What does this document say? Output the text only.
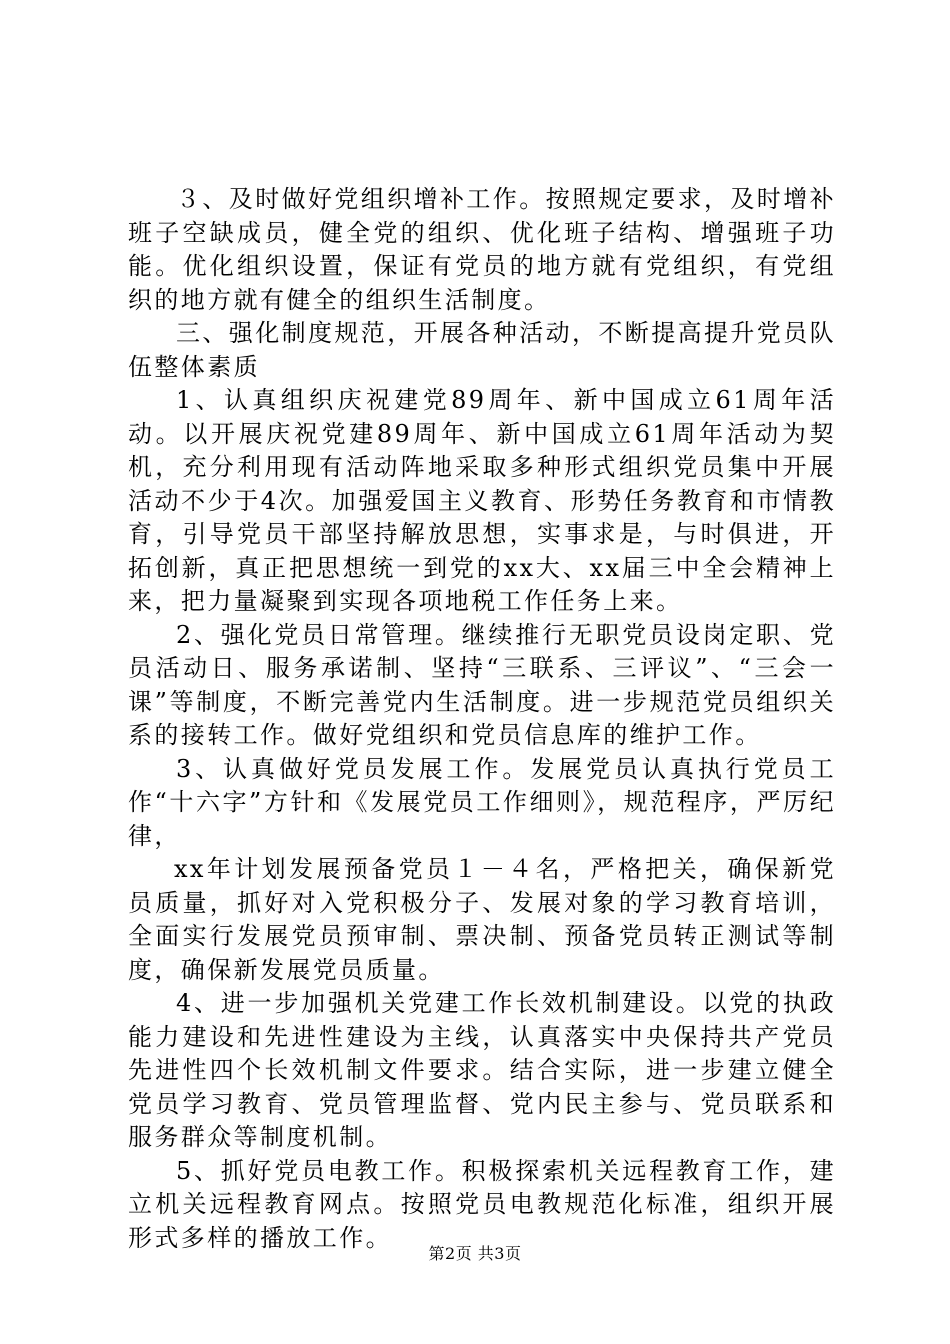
３、及时做好党组织增补工作。按照规定要求，及时增补班子空缺成员，健全党的组织、优化班子结构、增强班子功能。优化组织设置，保证有党员的地方就有党组织，有党组织的地方就有健全的组织生活制度。

三、强化制度规范，开展各种活动，不断提高提升党员队伍整体素质

1、认真组织庆祝建党89周年、新中国成立61周年活动。以开展庆祝党建89周年、新中国成立61周年活动为契机，充分利用现有活动阵地采取多种形式组织党员集中开展活动不少于4次。加强爱国主义教育、形势任务教育和市情教育，引导党员干部坚持解放思想，实事求是，与时俱进，开拓创新，真正把思想统一到党的xx大、xx届三中全会精神上来，把力量凝聚到实现各项地税工作任务上来。

2、强化党员日常管理。继续推行无职党员设岗定职、党员活动日、服务承诺制、坚持“三联系、三评议”、“三会一课”等制度，不断完善党内生活制度。进一步规范党员组织关系的接转工作。做好党组织和党员信息库的维护工作。

3、认真做好党员发展工作。发展党员认真执行党员工作“十六字”方针和《发展党员工作细则》，规范程序，严厉纪律，

xx年计划发展预备党员１－４名，严格把关，确保新党员质量，抓好对入党积极分子、发展对象的学习教育培训，全面实行发展党员预审制、票决制、预备党员转正测试等制度，确保新发展党员质量。

4、进一步加强机关党建工作长效机制建设。以党的执政能力建设和先进性建设为主线，认真落实中央保持共产党员先进性四个长效机制文件要求。结合实际，进一步建立健全党员学习教育、党员管理监督、党内民主参与、党员联系和服务群众等制度机制。

5、抓好党员电教工作。积极探索机关远程教育工作，建立机关远程教育网点。按照党员电教规范化标准，组织开展形式多样的播放工作。

第2页 共3页
